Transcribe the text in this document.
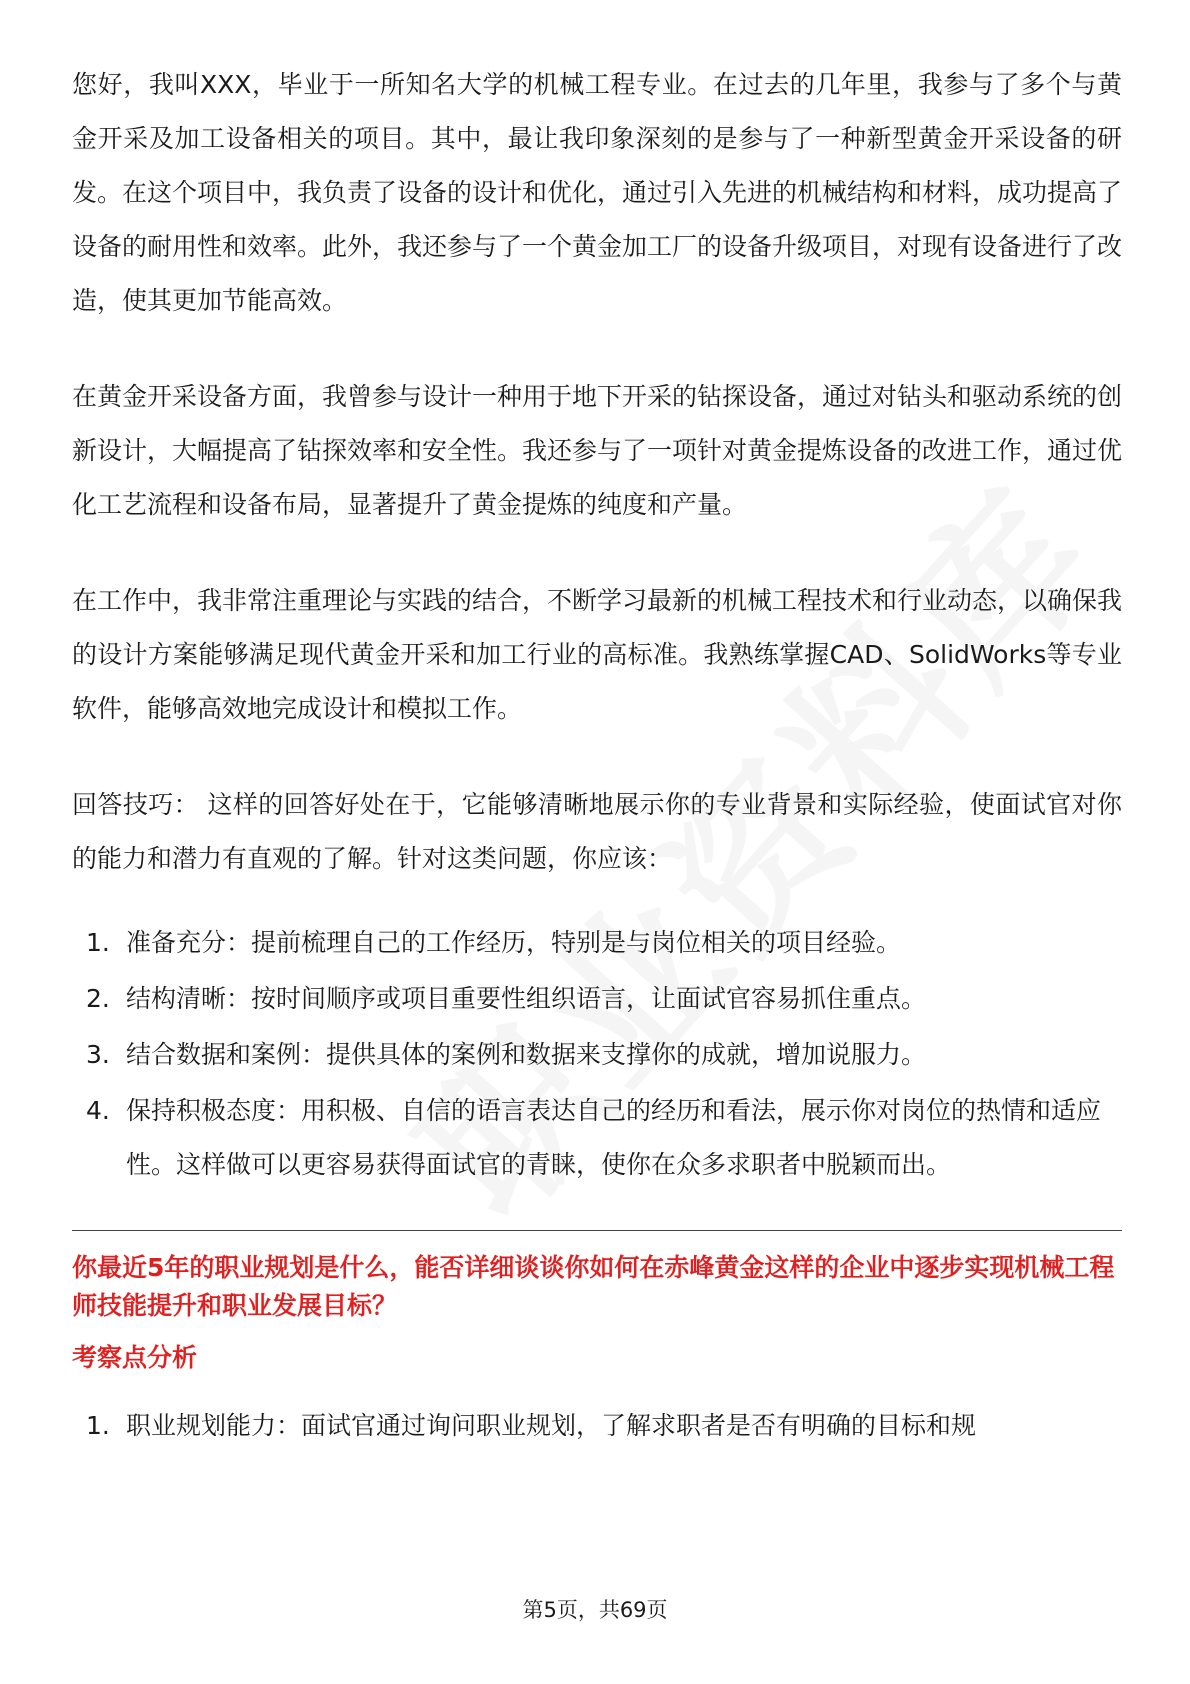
您好，我叫XXX，毕业于一所知名大学的机械工程专业。在过去的几年里，我参与了多个与黄金开采及加工设备相关的项目。其中，最让我印象深刻的是参与了一种新型黄金开采设备的研发。在这个项目中，我负责了设备的设计和优化，通过引入先进的机械结构和材料，成功提高了设备的耐用性和效率。此外，我还参与了一个黄金加工厂的设备升级项目，对现有设备进行了改造，使其更加节能高效。

在黄金开采设备方面，我曾参与设计一种用于地下开采的钻探设备，通过对钻头和驱动系统的创新设计，大幅提高了钻探效率和安全性。我还参与了一项针对黄金提炼设备的改进工作，通过优化工艺流程和设备布局，显著提升了黄金提炼的纯度和产量。

在工作中，我非常注重理论与实践的结合，不断学习最新的机械工程技术和行业动态，以确保我的设计方案能够满足现代黄金开采和加工行业的高标准。我熟练掌握CAD、SolidWorks等专业软件，能够高效地完成设计和模拟工作。

回答技巧： 这样的回答好处在于，它能够清晰地展示你的专业背景和实际经验，使面试官对你的能力和潜力有直观的了解。针对这类问题，你应该：

1. 准备充分：提前梳理自己的工作经历，特别是与岗位相关的项目经验。
2. 结构清晰：按时间顺序或项目重要性组织语言，让面试官容易抓住重点。
3. 结合数据和案例：提供具体的案例和数据来支撑你的成就，增加说服力。
4. 保持积极态度：用积极、自信的语言表达自己的经历和看法，展示你对岗位的热情和适应性。这样做可以更容易获得面试官的青睐，使你在众多求职者中脱颖而出。

你最近5年的职业规划是什么，能否详细谈谈你如何在赤峰黄金这样的企业中逐步实现机械工程师技能提升和职业发展目标？

考察点分析

1. 职业规划能力：面试官通过询问职业规划，了解求职者是否有明确的目标和规
第5页，共69页
